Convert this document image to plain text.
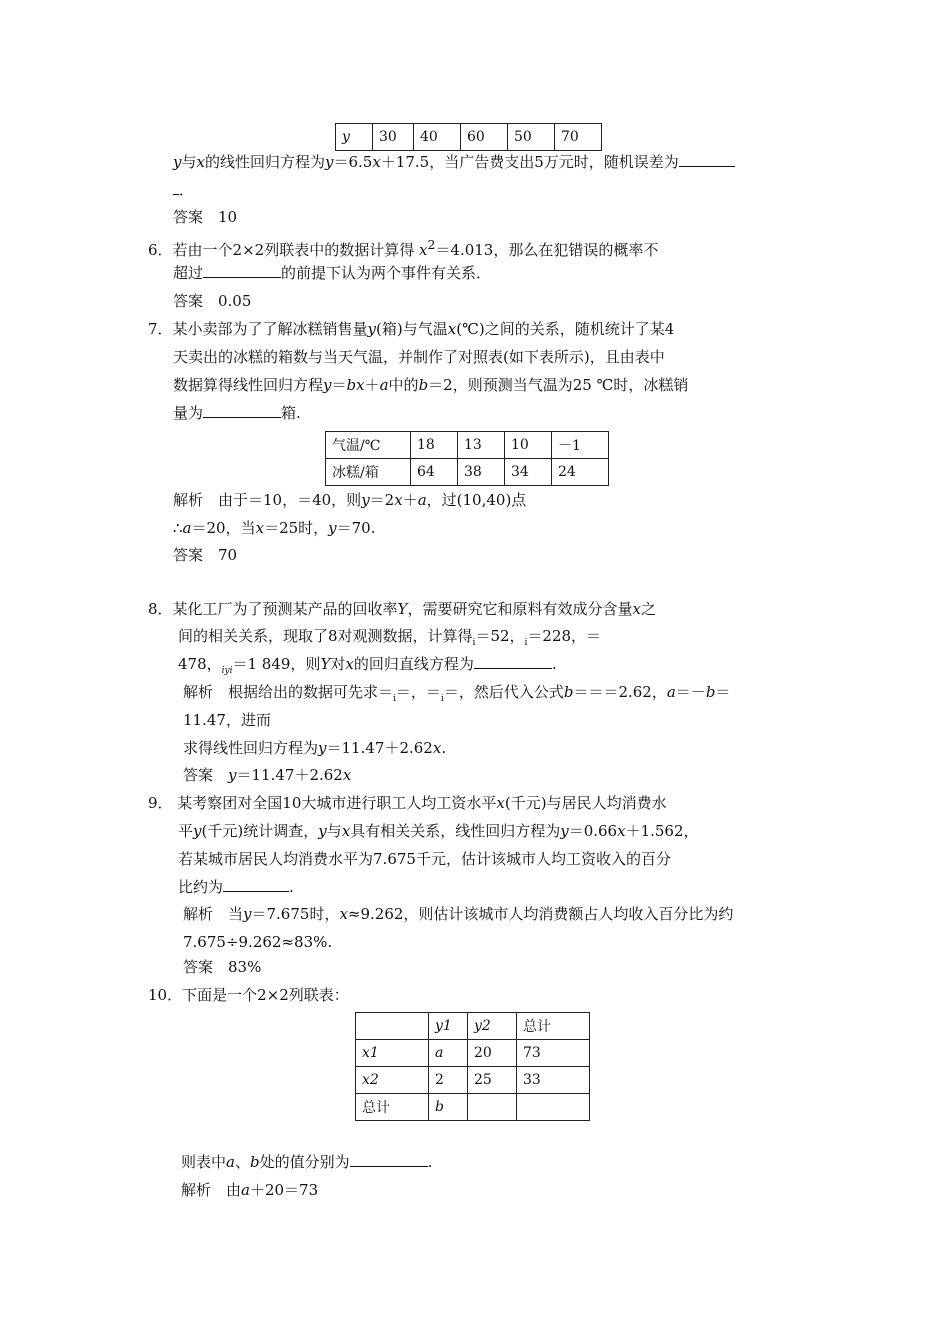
y	30	40	60	50	70
y与x的线性回归方程为y＝6.5x＋17.5，当广告费支出5万元时，随机误差为
．
答案　10
6．若由一个2×2列联表中的数据计算得 $x^2=4.013$，那么在犯错误的概率不
超过	的前提下认为两个事件有关系．
答案　0.05
7．某小卖部为了了解冰糕销售量y(箱)与气温x(℃)之间的关系，随机统计了某4
天卖出的冰糕的箱数与当天气温，并制作了对照表(如下表所示)，且由表中
数据算得线性回归方程y＝bx＋a中的b＝2，则预测当气温为25 ℃时，冰糕销
量为	箱.
气温/℃	18	13	10	－1
冰糕/箱	64	38	34	24
解析　由于＝10，＝40，则y＝2x＋a，过(10,40)点
∴a＝20，当x＝25时，y＝70.
答案　70
8．某化工厂为了预测某产品的回收率Y，需要研究它和原料有效成分含量x之
间的相关关系，现取了8对观测数据，计算得$_i$＝52，$_i$＝228，＝
478，$_{iyi}$＝1 849，则Y对x的回归直线方程为	.
解析　根据给出的数据可先求$=_i=$，$=_i=$，然后代入公式b＝＝＝2.62，a＝－b＝
11.47，进而
求得线性回归方程为y＝11.47＋2.62x.
答案　y＝11.47＋2.62x
9． 某考察团对全国10大城市进行职工人均工资水平x(千元)与居民人均消费水
平y(千元)统计调查，y与x具有相关关系，线性回归方程为y＝0.66x＋1.562，
若某城市居民人均消费水平为7.675千元，估计该城市人均工资收入的百分
比约为	.
解析　当y＝7.675时，x≈9.262，则估计该城市人均消费额占人均收入百分比为约
7.675÷9.262≈83%.
答案　83%
10．下面是一个2×2列联表：
	y1	y2	总计
x1	a	20	73
x2	2	25	33
总计	b		
则表中a、b处的值分别为	.
解析　由a＋20＝73
